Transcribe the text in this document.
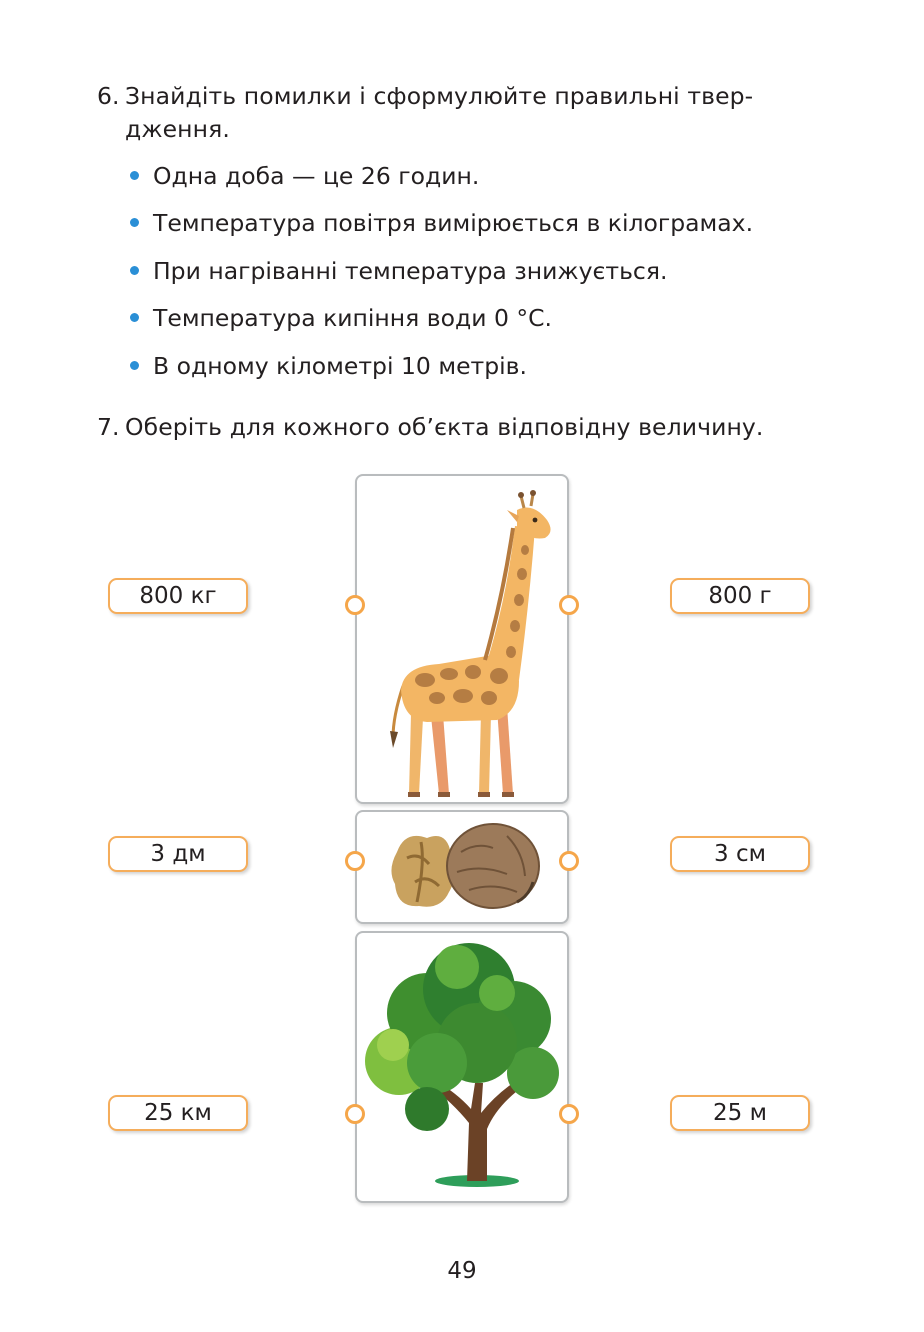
6. Знайдіть помилки і сформулюйте правильні твер-
дження.
Одна доба — це 26 годин.
Температура повітря вимірюється в кілограмах.
При нагріванні температура знижується.
Температура кипіння води 0 °С.
В одному кілометрі 10 метрів.
7. Оберіть для кожного об’єкта відповідну величину.
800 кг
3 дм
25 км
800 г
3 см
25 м
49
